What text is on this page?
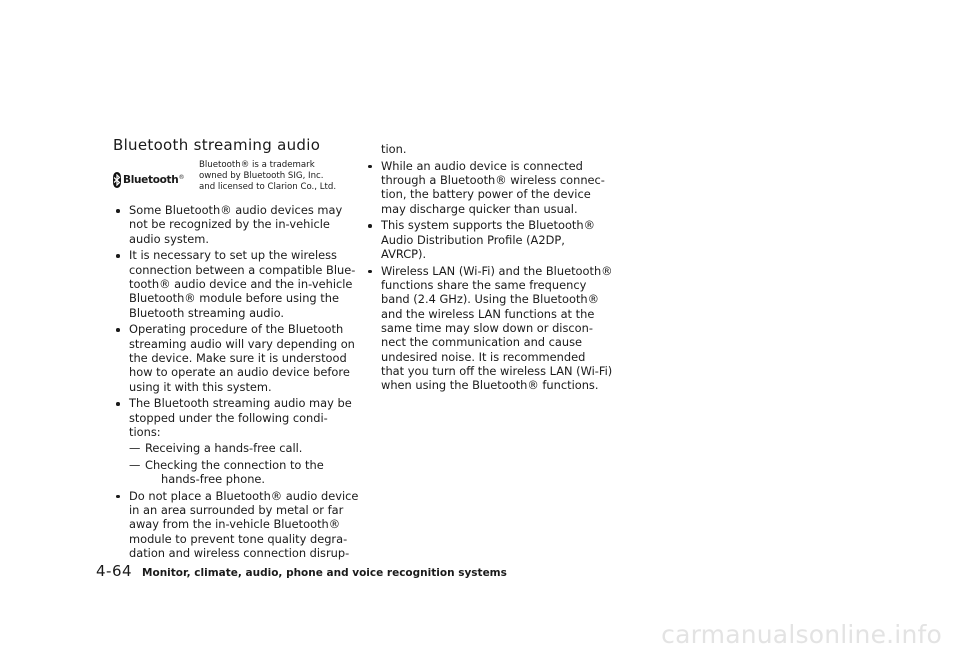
Bluetooth streaming audio
Bluetooth®
Bluetooth® is a trademark
owned by Bluetooth SIG, Inc.
and licensed to Clarion Co., Ltd.
Some Bluetooth® audio devices may
not be recognized by the in-vehicle
audio system.
It is necessary to set up the wireless
connection between a compatible Blue-
tooth® audio device and the in-vehicle
Bluetooth® module before using the
Bluetooth streaming audio.
Operating procedure of the Bluetooth
streaming audio will vary depending on
the device. Make sure it is understood
how to operate an audio device before
using it with this system.
The Bluetooth streaming audio may be
stopped under the following condi-
tions:
— Receiving a hands-free call.
— Checking the connection to the
hands-free phone.
Do not place a Bluetooth® audio device
in an area surrounded by metal or far
away from the in-vehicle Bluetooth®
module to prevent tone quality degra-
dation and wireless connection disrup-
tion.
While an audio device is connected
through a Bluetooth® wireless connec-
tion, the battery power of the device
may discharge quicker than usual.
This system supports the Bluetooth®
Audio Distribution Profile (A2DP,
AVRCP).
Wireless LAN (Wi-Fi) and the Bluetooth®
functions share the same frequency
band (2.4 GHz). Using the Bluetooth®
and the wireless LAN functions at the
same time may slow down or discon-
nect the communication and cause
undesired noise. It is recommended
that you turn off the wireless LAN (Wi-Fi)
when using the Bluetooth® functions.
4-64 Monitor, climate, audio, phone and voice recognition systems
carmanualsonline.info
